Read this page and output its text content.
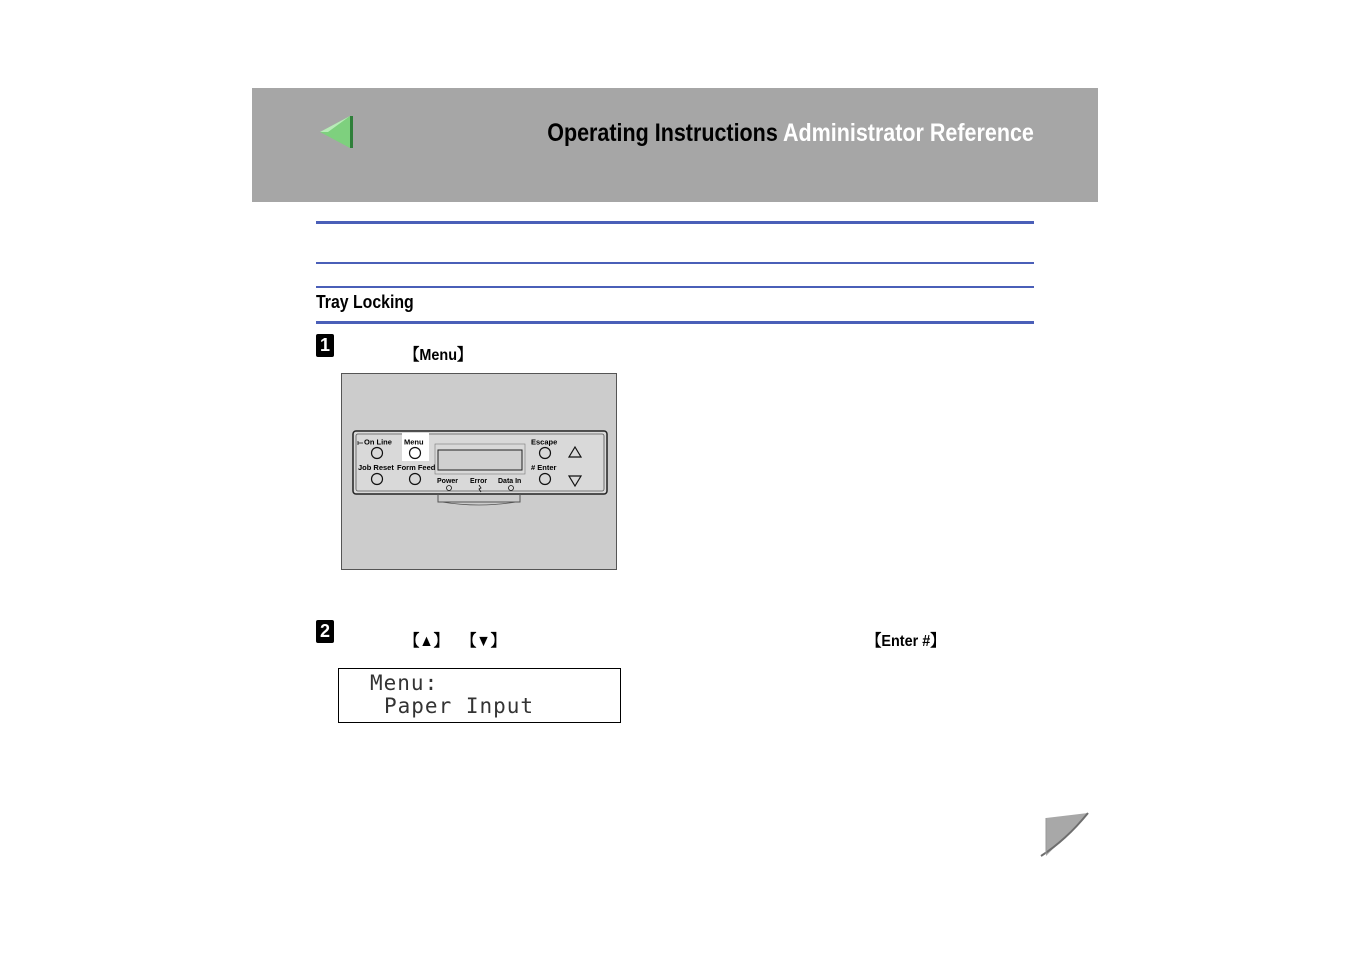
Operating Instructions Administrator Reference
Tray Locking
1
【Menu】
On Line Menu	Escape
Job Reset Form Feed	# Enter
Power Error Data In
2
【▲】 【▼】	【Enter #】
Menu:
Paper Input
